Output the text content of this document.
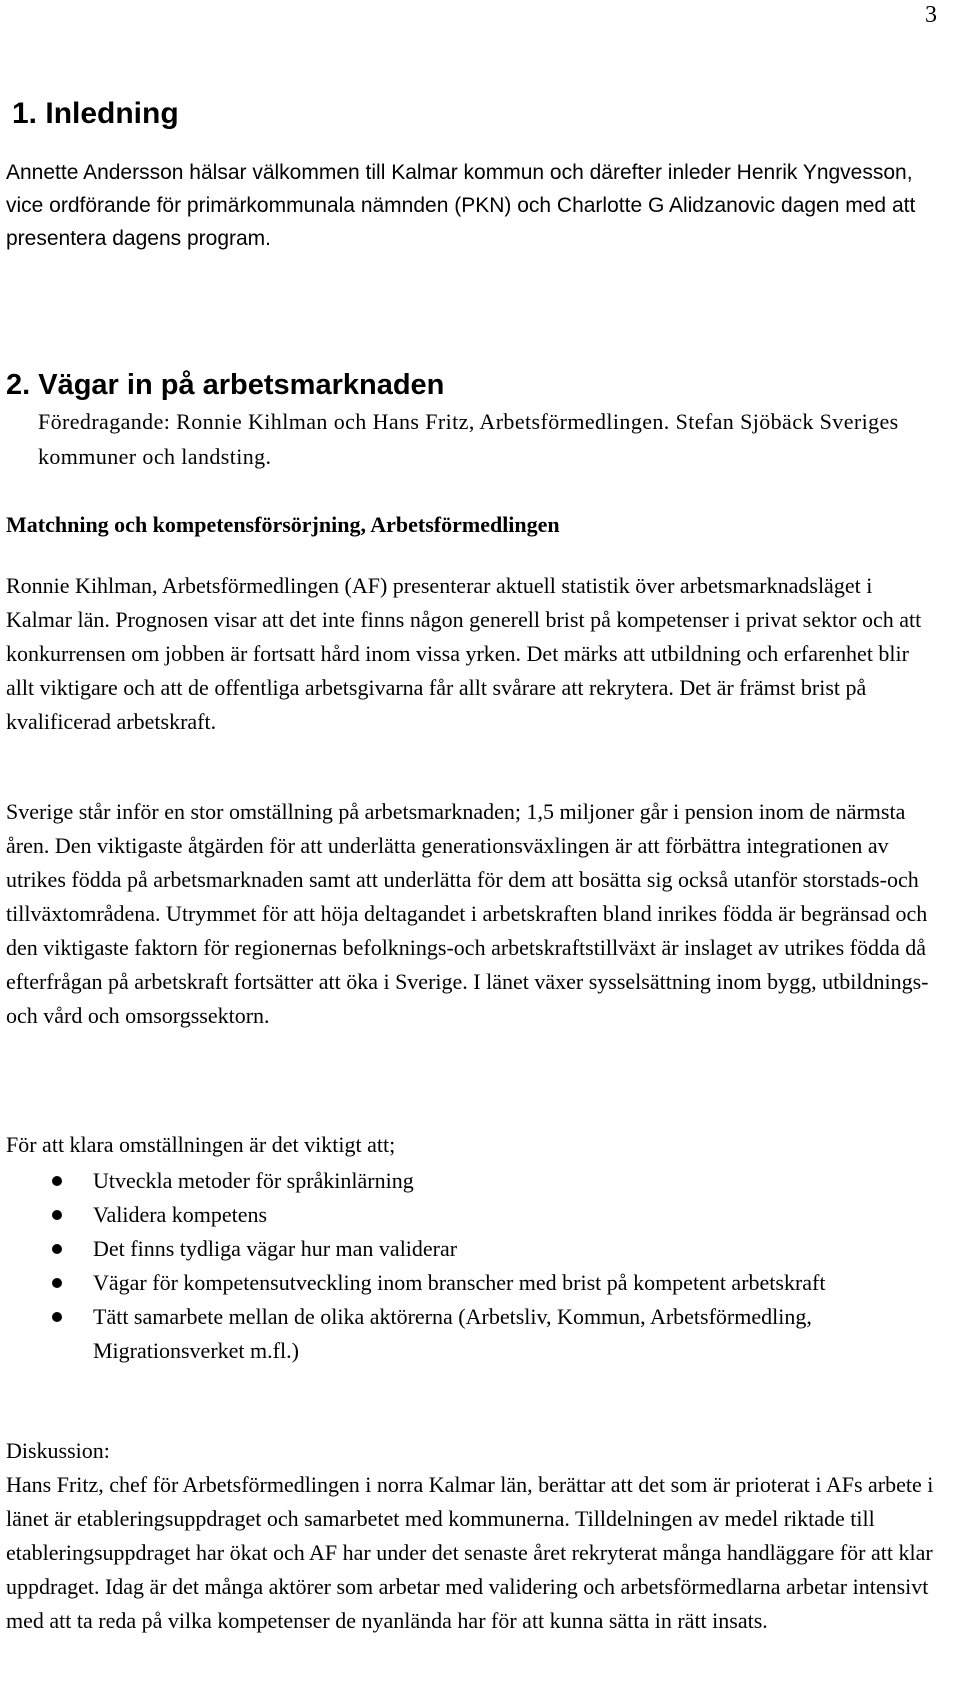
3
1. Inledning

Annette Andersson hälsar välkommen till Kalmar kommun och därefter inleder Henrik Yngvesson, vice ordförande för primärkommunala nämnden (PKN) och Charlotte G Alidzanovic dagen med att presentera dagens program.

2. Vägar in på arbetsmarknaden

Föredragande: Ronnie Kihlman och Hans Fritz, Arbetsförmedlingen. Stefan Sjöbäck Sveriges kommuner och landsting.

Matchning och kompetensförsörjning, Arbetsförmedlingen

Ronnie Kihlman, Arbetsförmedlingen (AF) presenterar aktuell statistik över arbetsmarknadsläget i Kalmar län. Prognosen visar att det inte finns någon generell brist på kompetenser i privat sektor och att konkurrensen om jobben är fortsatt hård inom vissa yrken. Det märks att utbildning och erfarenhet blir allt viktigare och att de offentliga arbetsgivarna får allt svårare att rekrytera. Det är främst brist på kvalificerad arbetskraft.

Sverige står inför en stor omställning på arbetsmarknaden; 1,5 miljoner går i pension inom de närmsta åren. Den viktigaste åtgärden för att underlätta generationsväxlingen är att förbättra integrationen av utrikes födda på arbetsmarknaden samt att underlätta för dem att bosätta sig också utanför storstads-och tillväxtområdena. Utrymmet för att höja deltagandet i arbetskraften bland inrikes födda är begränsad och den viktigaste faktorn för regionernas befolknings-och arbetskraftstillväxt är inslaget av utrikes födda då efterfrågan på arbetskraft fortsätter att öka i Sverige. I länet växer sysselsättning inom bygg, utbildnings- och vård och omsorgssektorn.

För att klara omställningen är det viktigt att;

Utveckla metoder för språkinlärning
Validera kompetens
Det finns tydliga vägar hur man validerar
Vägar för kompetensutveckling inom branscher med brist på kompetent arbetskraft
Tätt samarbete mellan de olika aktörerna (Arbetsliv, Kommun, Arbetsförmedling, Migrationsverket m.fl.)

Diskussion:

Hans Fritz, chef för Arbetsförmedlingen i norra Kalmar län, berättar att det som är prioterat i AFs arbete i länet är etableringsuppdraget och samarbetet med kommunerna. Tilldelningen av medel riktade till etableringsuppdraget har ökat och AF har under det senaste året rekryterat många handläggare för att klar uppdraget. Idag är det många aktörer som arbetar med validering och arbetsförmedlarna arbetar intensivt med att ta reda på vilka kompetenser de nyanlända har för att kunna sätta in rätt insats.
